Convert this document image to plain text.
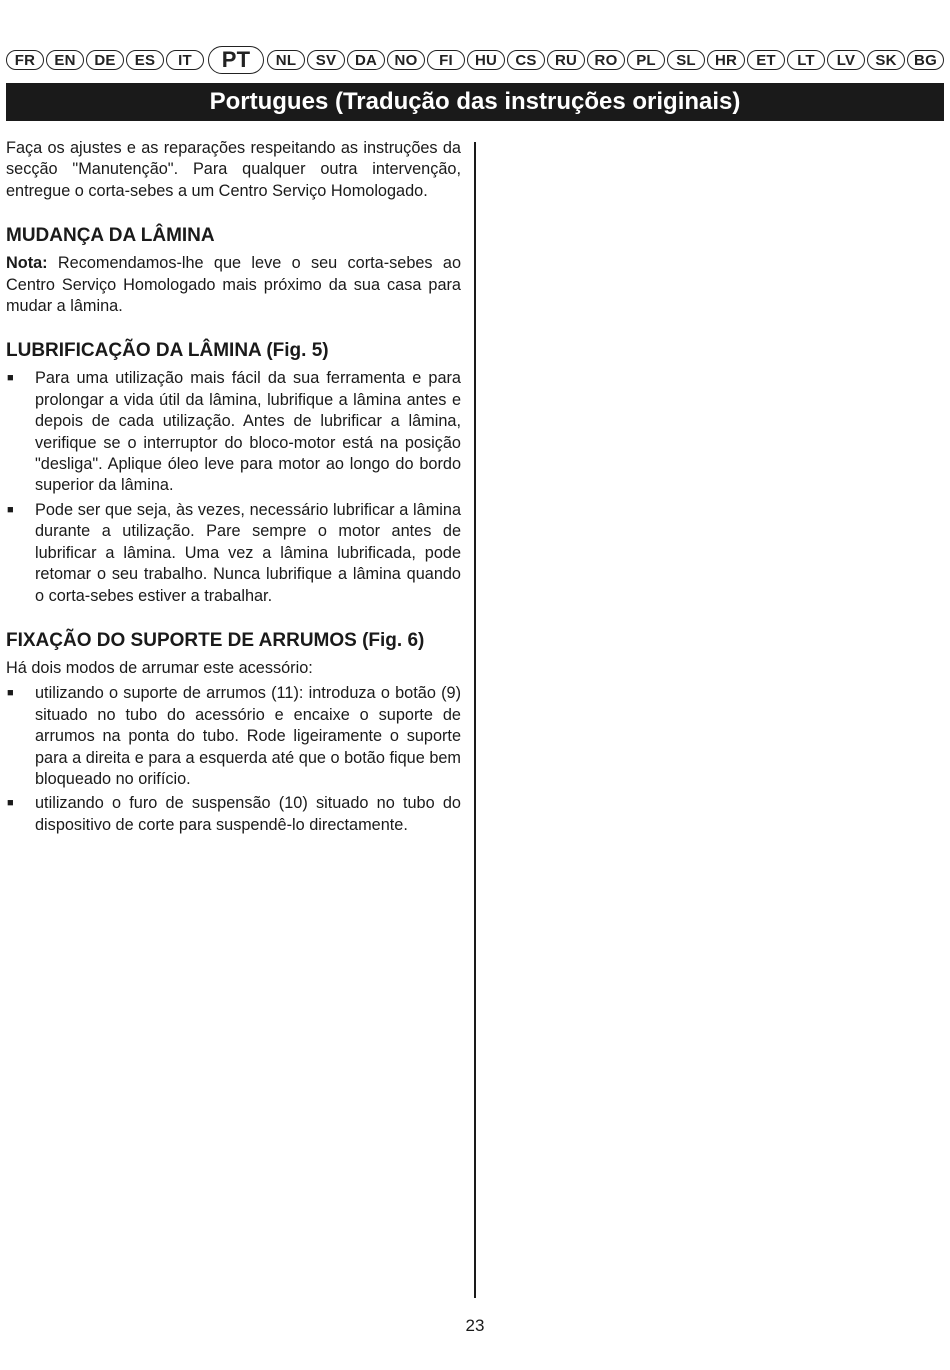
FR	EN	DE	ES	IT	PT	NL	SV	DA	NO	FI	HU	CS	RU	RO	PL	SL	HR	ET	LT	LV	SK	BG
Portugues (Tradução das instruções originais)

Faça os ajustes e as reparações respeitando as instruções da secção "Manutenção". Para qualquer outra intervenção, entregue o corta-sebes a um Centro Serviço Homologado.

MUDANÇA DA LÂMINA

Nota: Recomendamos-lhe que leve o seu corta-sebes ao Centro Serviço Homologado mais próximo da sua casa para mudar a lâmina.

LUBRIFICAÇÃO DA LÂMINA (Fig. 5)
■	Para uma utilização mais fácil da sua ferramenta e para prolongar a vida útil da lâmina, lubrifique a lâmina antes e depois de cada utilização. Antes de lubrificar a lâmina, verifique se o interruptor do bloco-motor está na posição "desliga". Aplique óleo leve para motor ao longo do bordo superior da lâmina.
■	Pode ser que seja, às vezes, necessário lubrificar a lâmina durante a utilização. Pare sempre o motor antes de lubrificar a lâmina. Uma vez a lâmina lubrificada, pode retomar o seu trabalho. Nunca lubrifique a lâmina quando o corta-sebes estiver a trabalhar.
FIXAÇÃO DO SUPORTE DE ARRUMOS (Fig. 6)

Há dois modos de arrumar este acessório:

■	utilizando o suporte de arrumos (11): introduza o botão (9) situado no tubo do acessório e encaixe o suporte de arrumos na ponta do tubo. Rode ligeiramente o suporte para a direita e para a esquerda até que o botão fique bem bloqueado no orifício.
■	utilizando o furo de suspensão (10) situado no tubo do dispositivo de corte para suspendê-lo directamente.
23
